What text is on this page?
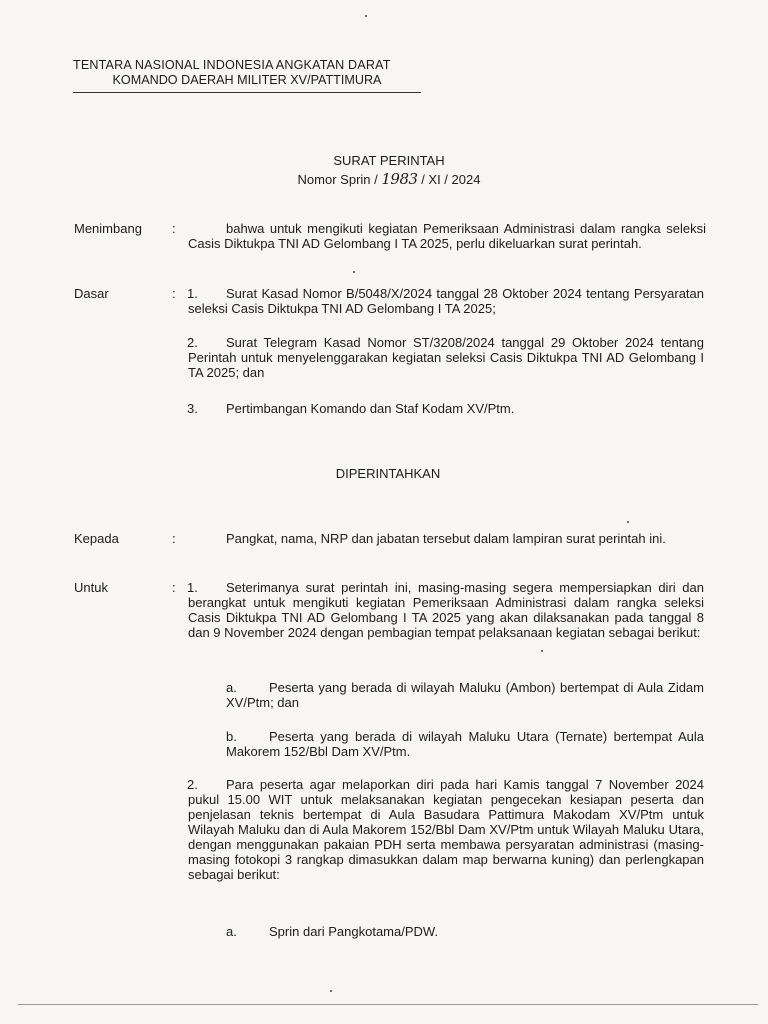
TENTARA NASIONAL INDONESIA ANGKATAN DARAT
KOMANDO DAERAH MILITER XV/PATTIMURA
SURAT PERINTAH
Nomor Sprin / 1983 / XI / 2024
Menimbang :	bahwa untuk mengikuti kegiatan Pemeriksaan Administrasi dalam rangka seleksi Casis Diktukpa TNI AD Gelombang I TA 2025, perlu dikeluarkan surat perintah.
Dasar	: 1.	Surat Kasad Nomor B/5048/X/2024 tanggal 28 Oktober 2024 tentang Persyaratan seleksi Casis Diktukpa TNI AD Gelombang I TA 2025;
2.	Surat Telegram Kasad Nomor ST/3208/2024 tanggal 29 Oktober 2024 tentang Perintah untuk menyelenggarakan kegiatan seleksi Casis Diktukpa TNI AD Gelombang I TA 2025; dan
3. Pertimbangan Komando dan Staf Kodam XV/Ptm.
DIPERINTAHKAN
Kepada	:	Pangkat, nama, NRP dan jabatan tersebut dalam lampiran surat perintah ini.
Untuk	: 1.	Seterimanya surat perintah ini, masing-masing segera mempersiapkan diri dan berangkat untuk mengikuti kegiatan Pemeriksaan Administrasi dalam rangka seleksi Casis Diktukpa TNI AD Gelombang I TA 2025 yang akan dilaksanakan pada tanggal 8 dan 9 November 2024 dengan pembagian tempat pelaksanaan kegiatan sebagai berikut:
a.	Peserta yang berada di wilayah Maluku (Ambon) bertempat di Aula Zidam XV/Ptm; dan
b.	Peserta yang berada di wilayah Maluku Utara (Ternate) bertempat Aula Makorem 152/Bbl Dam XV/Ptm.
2.	Para peserta agar melaporkan diri pada hari Kamis tanggal 7 November 2024 pukul 15.00 WIT untuk melaksanakan kegiatan pengecekan kesiapan peserta dan penjelasan teknis bertempat di Aula Basudara Pattimura Makodam XV/Ptm untuk Wilayah Maluku dan di Aula Makorem 152/Bbl Dam XV/Ptm untuk Wilayah Maluku Utara, dengan menggunakan pakaian PDH serta membawa persyaratan administrasi (masing-masing fotokopi 3 rangkap dimasukkan dalam map berwarna kuning) dan perlengkapan sebagai berikut:
a. Sprin dari Pangkotama/PDW.
